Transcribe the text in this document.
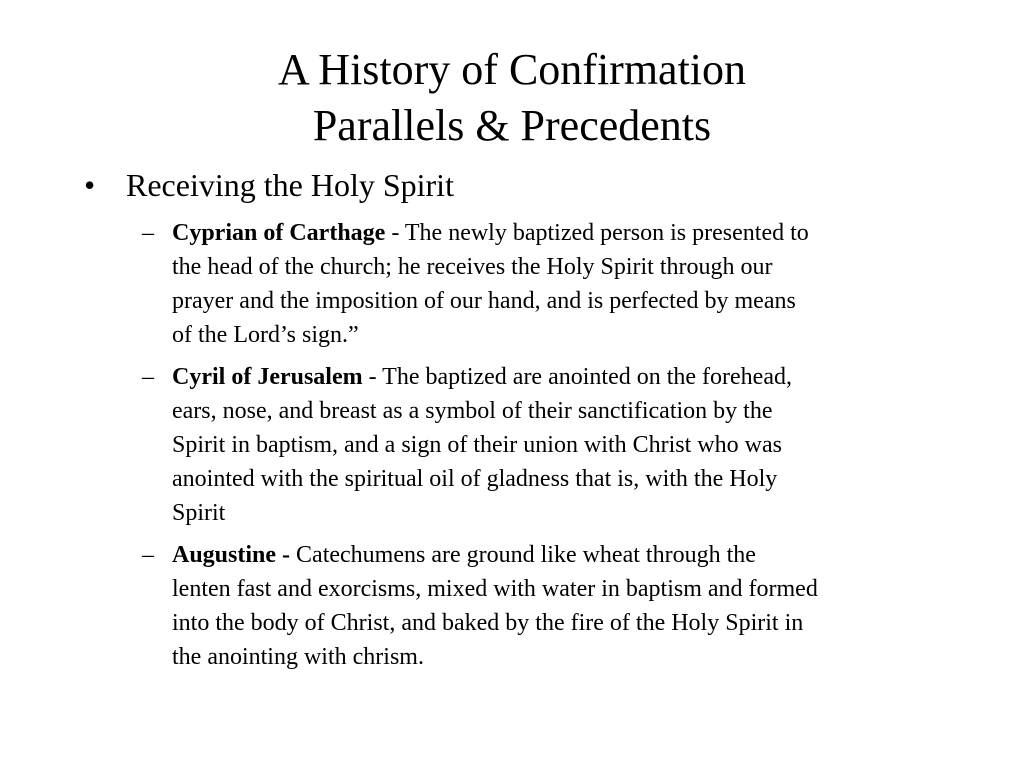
A History of Confirmation
Parallels & Precedents
• Receiving the Holy Spirit
– Cyprian of Carthage - The newly baptized person is presented to
the head of the church; he receives the Holy Spirit through our
prayer and the imposition of our hand, and is perfected by means
of the Lord’s sign.”
– Cyril of Jerusalem - The baptized are anointed on the forehead,
ears, nose, and breast as a symbol of their sanctification by the
Spirit in baptism, and a sign of their union with Christ who was
anointed with the spiritual oil of gladness that is, with the Holy
Spirit
– Augustine - Catechumens are ground like wheat through the
lenten fast and exorcisms, mixed with water in baptism and formed
into the body of Christ, and baked by the fire of the Holy Spirit in
the anointing with chrism.
